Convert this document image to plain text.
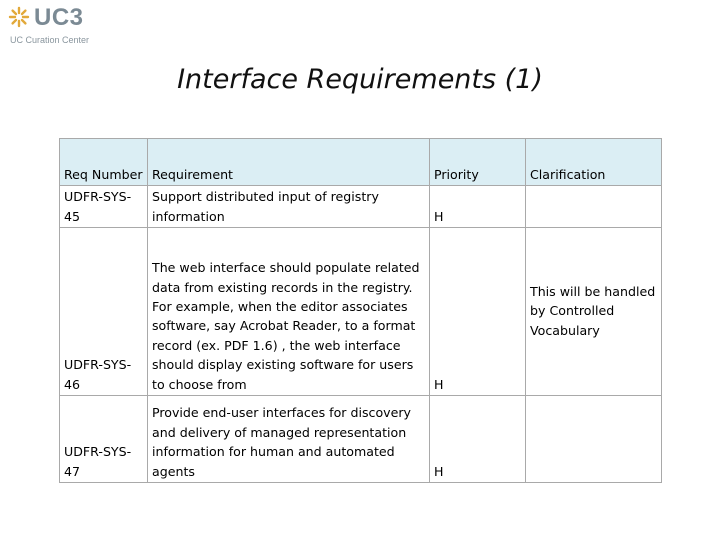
UC3
UC Curation Center
Interface Requirements (1)
Req Number	Requirement	Priority	Clarification
UDFR-SYS-45	Support distributed input of registry information	H	
UDFR-SYS-46	The web interface should populate related data from existing records in the registry. For example, when the editor associates software, say Acrobat Reader, to a format record (ex. PDF 1.6) , the web interface should display existing software for users to choose from	H	This will be handled by Controlled Vocabulary
UDFR-SYS-47	Provide end-user interfaces for discovery and delivery of managed representation information for human and automated agents	H	
